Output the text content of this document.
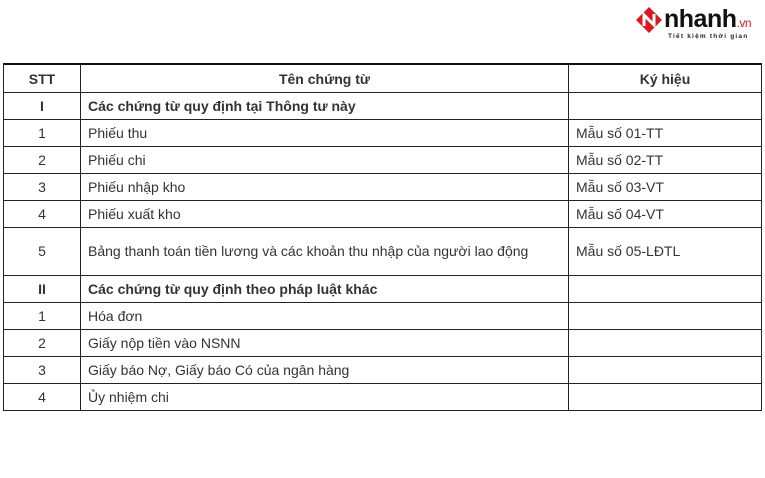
nhanh.vn
Tiết kiệm thời gian
STT	Tên chứng từ	Ký hiệu
I	Các chứng từ quy định tại Thông tư này	
1	Phiếu thu	Mẫu số 01-TT
2	Phiếu chi	Mẫu số 02-TT
3	Phiếu nhập kho	Mẫu số 03-VT
4	Phiếu xuất kho	Mẫu số 04-VT
5	Bảng thanh toán tiền lương và các khoản thu nhập của người lao động	Mẫu số 05-LĐTL
II	Các chứng từ quy định theo pháp luật khác	
1	Hóa đơn	
2	Giấy nộp tiền vào NSNN	
3	Giấy báo Nợ, Giấy báo Có của ngân hàng	
4	Ủy nhiệm chi	
